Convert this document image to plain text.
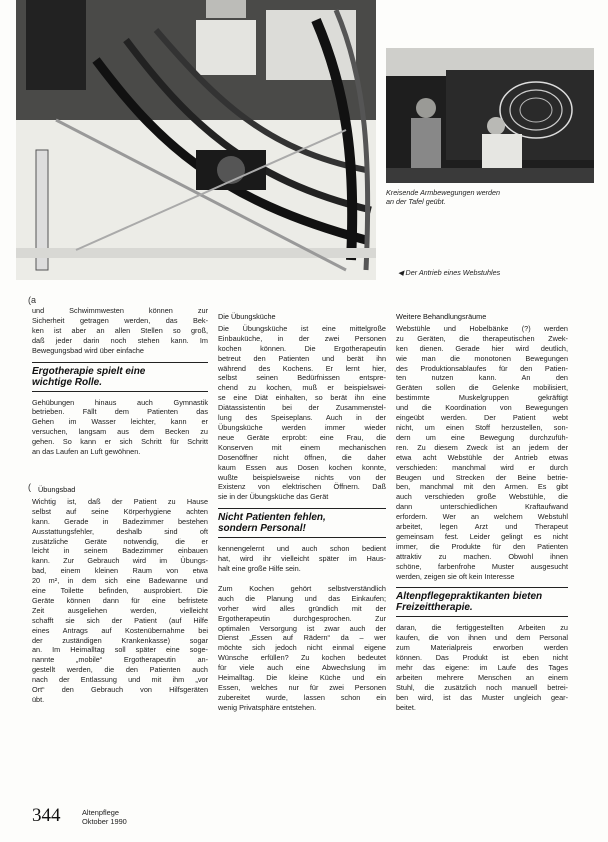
Kreisende Armbewegungen werden
an der Tafel geübt.
◀ Der Antrieb eines Webstuhles
(a

und Schwimmwesten können zur
Sicherheit getragen werden, das Bek-
ken ist aber an allen Stellen so groß,
daß jeder darin noch stehen kann. Im
Bewegungsbad wird über einfache

Ergotherapie spielt eine
wichtige Rolle.

Gehübungen hinaus auch Gymnastik
betrieben. Fällt dem Patienten das
Gehen im Wasser leichter, kann er
versuchen, langsam aus dem Becken zu
gehen. So kann er sich Schritt für Schritt
an das Laufen an Luft gewöhnen.

( Übungsbad

Wichtig ist, daß der Patient zu Hause
selbst auf seine Körperhygiene achten
kann. Gerade in Badezimmer bestehen
Ausstattungsfehler, deshalb sind oft
zusätzliche Geräte notwendig, die er
leicht in seinem Badezimmer einbauen
kann. Zur Gebrauch wird im Übungs-
bad, einem kleinen Raum von etwa
20 m², in dem sich eine Badewanne und
eine Toilette befinden, ausprobiert. Die
Geräte können dann für eine befristete
Zeit ausgeliehen werden, vielleicht
schafft sie sich der Patient (auf Hilfe
eines Antrags auf Kostenübernahme bei
der zuständigen Krankenkasse) sogar
an. Im Heimalltag soll später eine soge-
nannte „mobile“ Ergotherapeutin an-
gestellt werden, die den Patienten auch
nach der Entlassung und mit ihm „vor
Ort“ den Gebrauch von Hilfsgeräten
übt.

Die Übungsküche

Die Übungsküche ist eine mittelgroße
Einbauküche, in der zwei Personen
kochen können. Die Ergotherapeutin
betreut den Patienten und berät ihn
während des Kochens. Er lernt hier,
selbst seinen Bedürfnissen entspre-
chend zu kochen, muß er beispielswei-
se eine Diät einhalten, so berät ihn eine
Diätassistentin bei der Zusammenstel-
lung des Speiseplans. Auch in der
Übungsküche werden immer wieder
neue Geräte erprobt: eine Frau, die
Konserven mit einem mechanischen
Dosenöffner nicht öffnen, die daher
kaum Essen aus Dosen kochen konnte,
wußte beispielsweise nichts von der
Existenz von elektrischen Öffnern. Daß
sie in der Übungsküche das Gerät

Nicht Patienten fehlen,
sondern Personal!

kennengelernt und auch schon bedient
hat, wird ihr vielleicht später im Haus-
halt eine große Hilfe sein.

Zum Kochen gehört selbstverständlich
auch die Planung und das Einkaufen;
vorher wird alles gründlich mit der
Ergotherapeutin durchgesprochen. Zur
optimalen Versorgung ist zwar auch der
Dienst „Essen auf Rädern“ da – wer
möchte sich jedoch nicht einmal eigene
Wünsche erfüllen? Zu kochen bedeutet
für viele auch eine Abwechslung im
Heimalltag. Die kleine Küche und ein
Essen, welches nur für zwei Personen
zubereitet wurde, lassen schon ein
wenig Privatsphäre entstehen.

Weitere Behandlungsräume

Webstühle und Hobelbänke (?) werden
zu Geräten, die therapeutischen Zwek-
ken dienen. Gerade hier wird deutlich,
wie man die monotonen Bewegungen
des Produktionsablaufes für den Patien-
ten nutzen kann. An den
Geräten sollen die Gelenke mobilisiert,
bestimmte Muskelgruppen gekräftigt
und die Koordination von Bewegungen
eingeübt werden. Der Patient webt
nicht, um einen Stoff herzustellen, son-
dern um eine Bewegung durchzufüh-
ren. Zu diesem Zweck ist an jedem der
etwa acht Webstühle der Antrieb etwas
verschieden: manchmal wird er durch
Beugen und Strecken der Beine betrie-
ben, manchmal mit den Armen. Es gibt
auch verschieden große Webstühle, die
dann unterschiedlichen Kraftaufwand
erfordern. Wer an welchem Webstuhl
arbeitet, legen Arzt und Therapeut
gemeinsam fest. Leider gelingt es nicht
immer, die Produkte für den Patienten
attraktiv zu machen. Obwohl ihnen
schöne, farbenfrohe Muster ausgesucht
werden, zeigen sie oft kein Interesse

Altenpflegepraktikanten bieten
Freizeittherapie.

daran, die fertiggestellten Arbeiten zu
kaufen, die von ihnen und dem Personal
zum Materialpreis erworben werden
können. Das Produkt ist eben nicht
mehr das eigene: im Laufe des Tages
arbeiten mehrere Menschen an einem
Stuhl, die zusätzlich noch manuell betrei-
ben wird, ist das Muster ungleich gear-
beitet.

344	Altenpflege
Oktober 1990
